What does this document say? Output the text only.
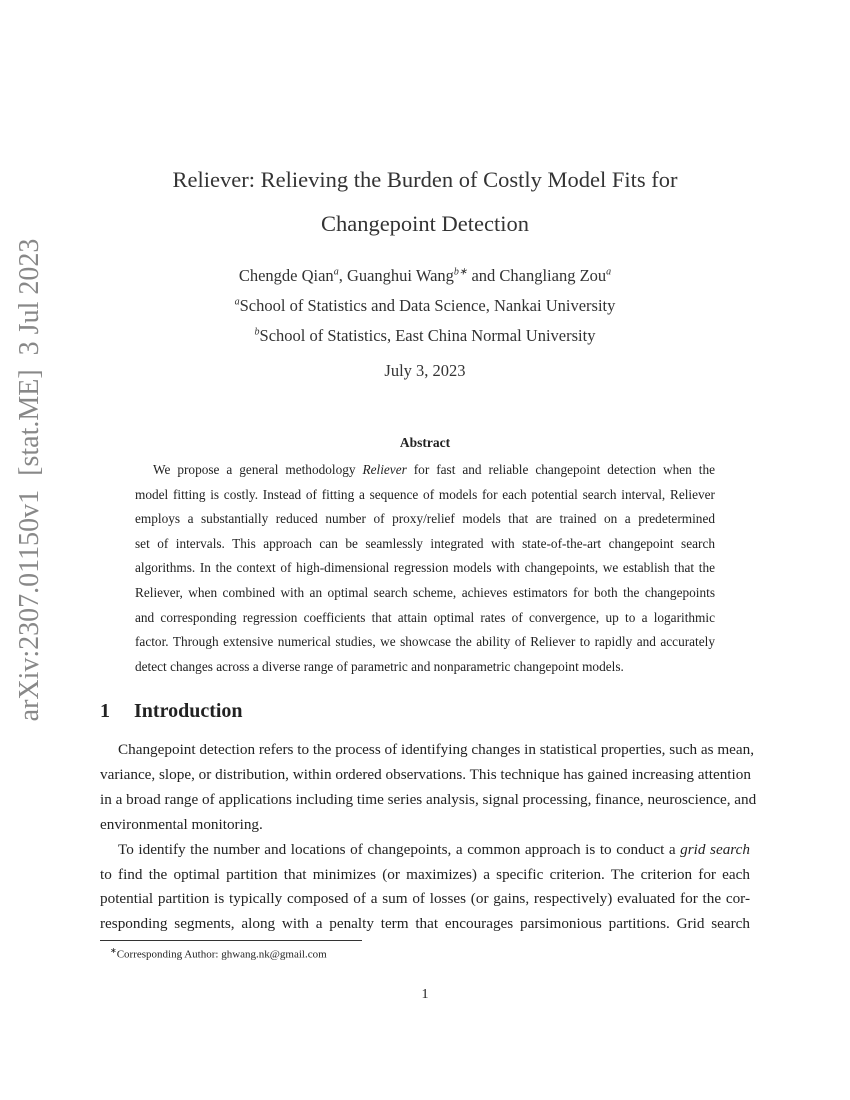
arXiv:2307.01150v1  [stat.ME]  3 Jul 2023
Reliever: Relieving the Burden of Costly Model Fits for
Changepoint Detection
Chengde Qian$^a$, Guanghui Wang$^{b∗}$ and Changliang Zou$^a$
$^a$School of Statistics and Data Science, Nankai University
$^b$School of Statistics, East China Normal University
July 3, 2023
Abstract
We propose a general methodology Reliever for fast and reliable changepoint detection when the
model fitting is costly. Instead of fitting a sequence of models for each potential search interval, Reliever
employs a substantially reduced number of proxy/relief models that are trained on a predetermined
set of intervals. This approach can be seamlessly integrated with state-of-the-art changepoint search
algorithms. In the context of high-dimensional regression models with changepoints, we establish that the
Reliever, when combined with an optimal search scheme, achieves estimators for both the changepoints
and corresponding regression coefficients that attain optimal rates of convergence, up to a logarithmic
factor. Through extensive numerical studies, we showcase the ability of Reliever to rapidly and accurately
detect changes across a diverse range of parametric and nonparametric changepoint models.
1 Introduction
Changepoint detection refers to the process of identifying changes in statistical properties, such as mean,
variance, slope, or distribution, within ordered observations. This technique has gained increasing attention
in a broad range of applications including time series analysis, signal processing, finance, neuroscience, and
environmental monitoring.
To identify the number and locations of changepoints, a common approach is to conduct a grid search
to find the optimal partition that minimizes (or maximizes) a specific criterion. The criterion for each
potential partition is typically composed of a sum of losses (or gains, respectively) evaluated for the cor-
responding segments, along with a penalty term that encourages parsimonious partitions. Grid search
∗Corresponding Author: ghwang.nk@gmail.com
1
